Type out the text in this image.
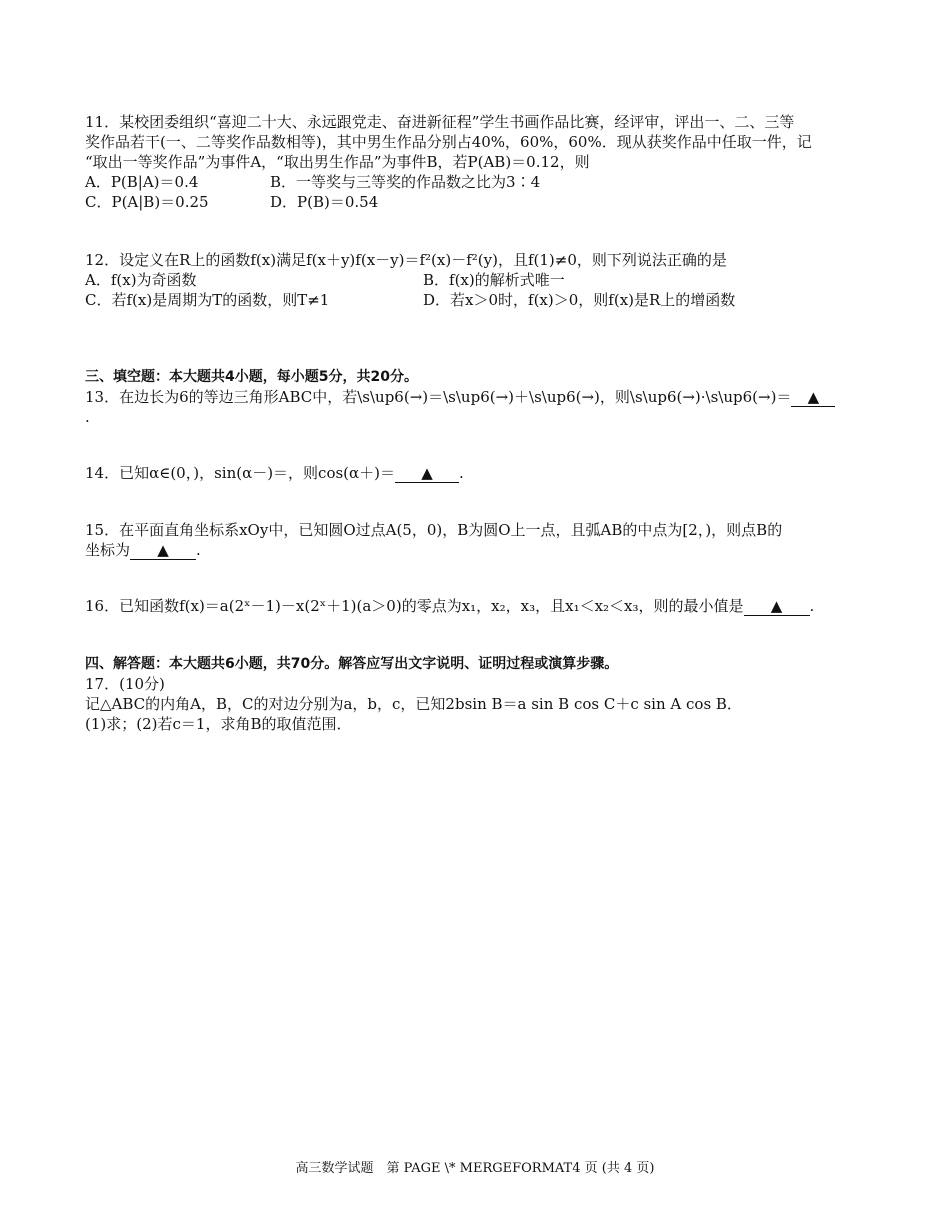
11．某校团委组织“喜迎二十大、永远跟党走、奋进新征程”学生书画作品比赛，经评审，评出一、二、三等
奖作品若干(一、二等奖作品数相等)，其中男生作品分别占40%，60%，60%．现从获奖作品中任取一件，记
“取出一等奖作品”为事件A，“取出男生作品”为事件B，若P(AB)＝0.12，则
A．P(B|A)＝0.4	B．一等奖与三等奖的作品数之比为3∶4
C．P(A|B)＝0.25	D．P(B)＝0.54
12．设定义在R上的函数f(x)满足f(x＋y)f(x－y)＝f²(x)－f²(y)，且f(1)≠0，则下列说法正确的是
A．f(x)为奇函数	B．f(x)的解析式唯一
C．若f(x)是周期为T的函数，则T≠1	D．若x＞0时，f(x)＞0，则f(x)是R上的增函数
三、填空题：本大题共4小题，每小题5分，共20分。
13．在边长为6的等边三角形ABC中，若\s\up6(→)＝\s\up6(→)＋\s\up6(→)，则\s\up6(→)·\s\up6(→)＝ ▲
.
14．已知α∈(0，)，sin(α－)＝，则cos(α＋)＝ ▲ .
15．在平面直角坐标系xOy中，已知圆O过点A(5，0)，B为圆O上一点，且弧AB的中点为[2，)，则点B的
坐标为 ▲ .
16．已知函数f(x)＝a(2ˣ－1)－x(2ˣ＋1)(a＞0)的零点为x₁，x₂，x₃，且x₁＜x₂＜x₃，则的最小值是 ▲ .
四、解答题：本大题共6小题，共70分。解答应写出文字说明、证明过程或演算步骤。
17．(10分)
记△ABC的内角A，B，C的对边分别为a，b，c，已知2bsin B＝a sin B cos C＋c sin A cos B．
(1)求；(2)若c＝1，求角B的取值范围．
高三数学试题　第 PAGE \* MERGEFORMAT4 页 (共 4 页)
